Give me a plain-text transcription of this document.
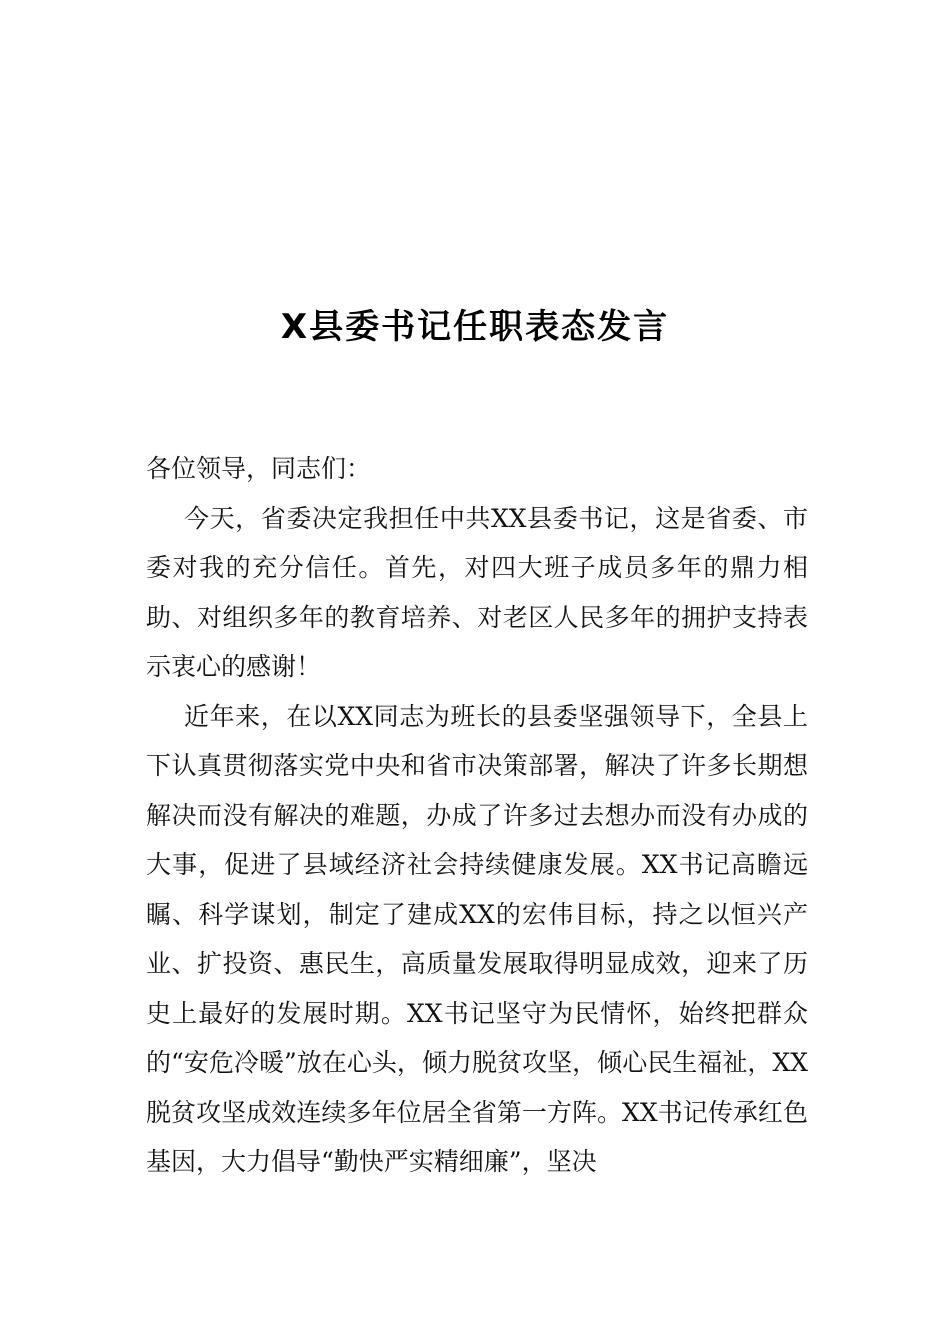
X县委书记任职表态发言

各位领导，同志们：

今天，省委决定我担任中共XX县委书记，这是省委、市委对我的充分信任。首先，对四大班子成员多年的鼎力相助、对组织多年的教育培养、对老区人民多年的拥护支持表示衷心的感谢！

近年来，在以XX同志为班长的县委坚强领导下，全县上下认真贯彻落实党中央和省市决策部署，解决了许多长期想解决而没有解决的难题，办成了许多过去想办而没有办成的大事，促进了县域经济社会持续健康发展。XX书记高瞻远瞩、科学谋划，制定了建成XX的宏伟目标，持之以恒兴产业、扩投资、惠民生，高质量发展取得明显成效，迎来了历史上最好的发展时期。XX书记坚守为民情怀，始终把群众的“安危冷暖”放在心头，倾力脱贫攻坚，倾心民生福祉，XX脱贫攻坚成效连续多年位居全省第一方阵。XX书记传承红色基因，大力倡导“勤快严实精细廉”，坚决
